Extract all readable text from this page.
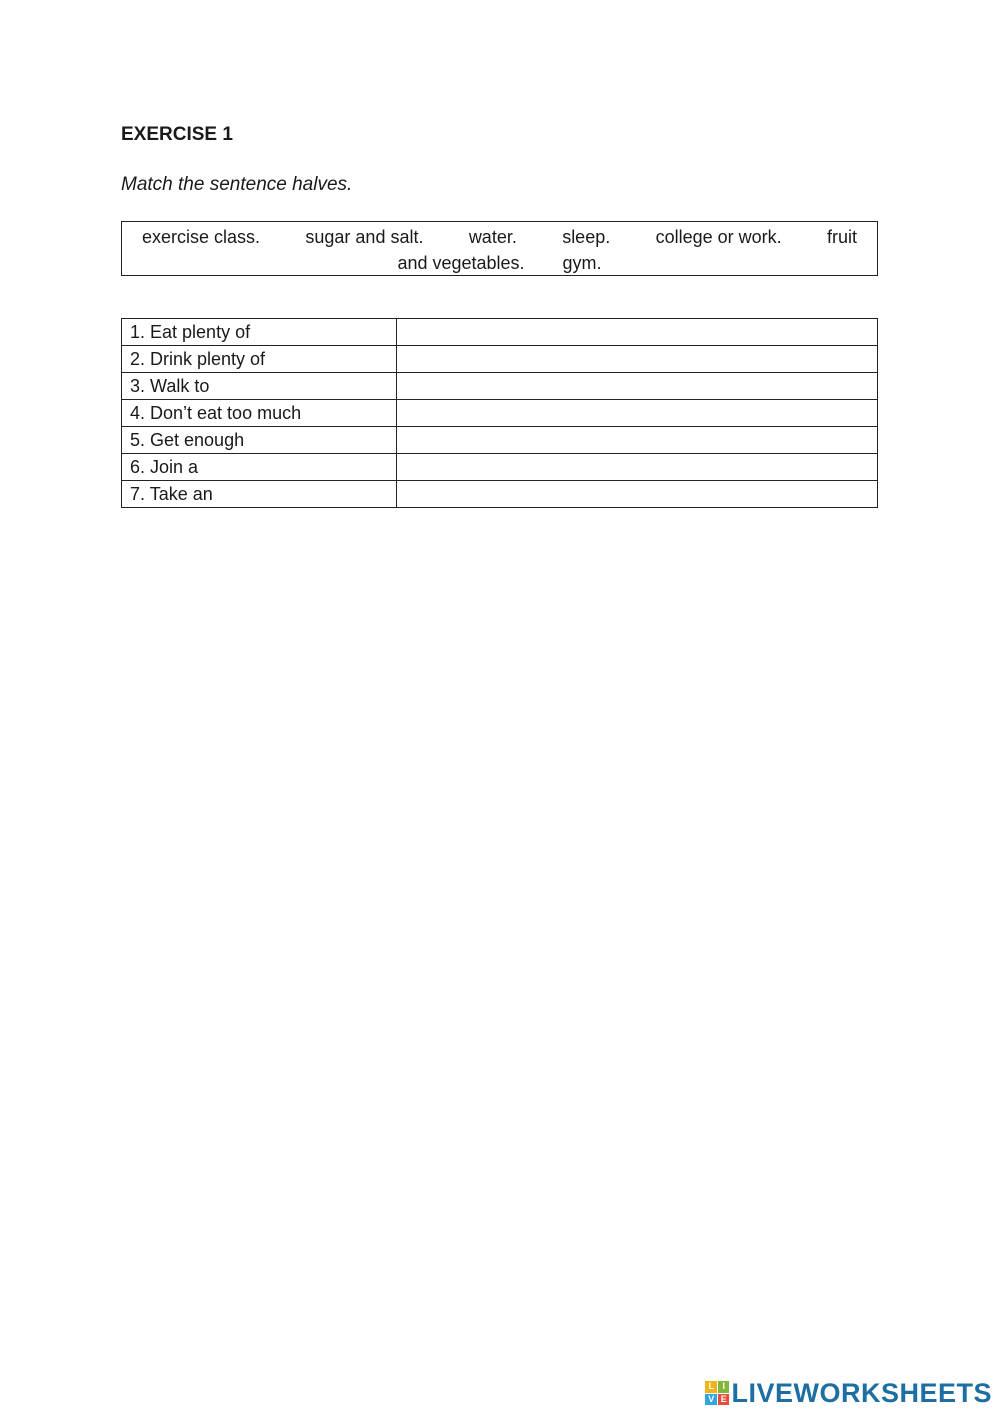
EXERCISE 1
Match the sentence halves.
exercise class.	sugar and salt.	water.	sleep.	college or work.	fruit
and vegetables. gym.
1. Eat plenty of	
2. Drink plenty of	
3. Walk to	
4. Don’t eat too much	
5. Get enough	
6. Join a	
7. Take an	
L I
V E LIVEWORKSHEETS
